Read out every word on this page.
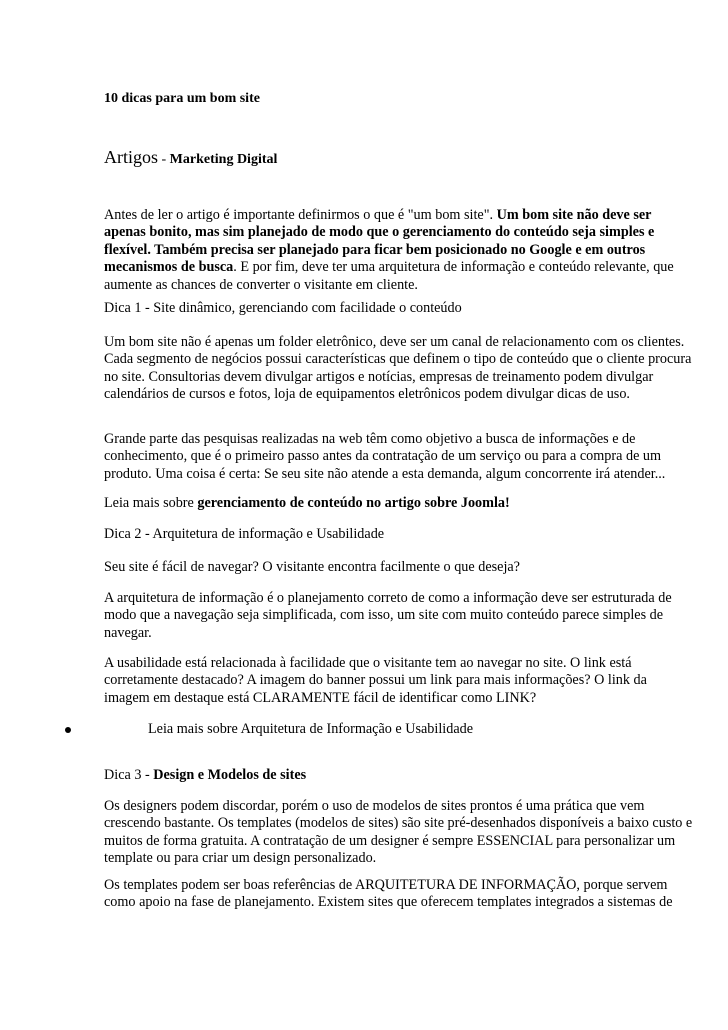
10 dicas para um bom site

Artigos - Marketing Digital

Antes de ler o artigo é importante definirmos o que é "um bom site". Um bom site não deve ser apenas bonito, mas sim planejado de modo que o gerenciamento do conteúdo seja simples e flexível. Também precisa ser planejado para ficar bem posicionado no Google e em outros mecanismos de busca. E por fim, deve ter uma arquitetura de informação e conteúdo relevante, que aumente as chances de converter o visitante em cliente.

Dica 1 - Site dinâmico, gerenciando com facilidade o conteúdo

Um bom site não é apenas um folder eletrônico, deve ser um canal de relacionamento com os clientes. Cada segmento de negócios possui características que definem o tipo de conteúdo que o cliente procura no site. Consultorias devem divulgar artigos e notícias, empresas de treinamento podem divulgar calendários de cursos e fotos, loja de equipamentos eletrônicos podem divulgar dicas de uso.

Grande parte das pesquisas realizadas na web têm como objetivo a busca de informações e de conhecimento, que é o primeiro passo antes da contratação de um serviço ou para a compra de um produto. Uma coisa é certa: Se seu site não atende a esta demanda, algum concorrente irá atender...

Leia mais sobre gerenciamento de conteúdo no artigo sobre Joomla!

Dica 2 - Arquitetura de informação e Usabilidade

Seu site é fácil de navegar? O visitante encontra facilmente o que deseja?

A arquitetura de informação é o planejamento correto de como a informação deve ser estruturada de modo que a navegação seja simplificada, com isso, um site com muito conteúdo parece simples de navegar.

A usabilidade está relacionada à facilidade que o visitante tem ao navegar no site. O link está corretamente destacado? A imagem do banner possui um link para mais informações? O link da imagem em destaque está CLARAMENTE fácil de identificar como LINK?

Leia mais sobre Arquitetura de Informação e Usabilidade

Dica 3 - Design e Modelos de sites

Os designers podem discordar, porém o uso de modelos de sites prontos é uma prática que vem crescendo bastante. Os templates (modelos de sites) são site pré-desenhados disponíveis a baixo custo e muitos de forma gratuita. A contratação de um designer é sempre ESSENCIAL para personalizar um template ou para criar um design personalizado.

Os templates podem ser boas referências de ARQUITETURA DE INFORMAÇÃO, porque servem como apoio na fase de planejamento. Existem sites que oferecem templates integrados a sistemas de
